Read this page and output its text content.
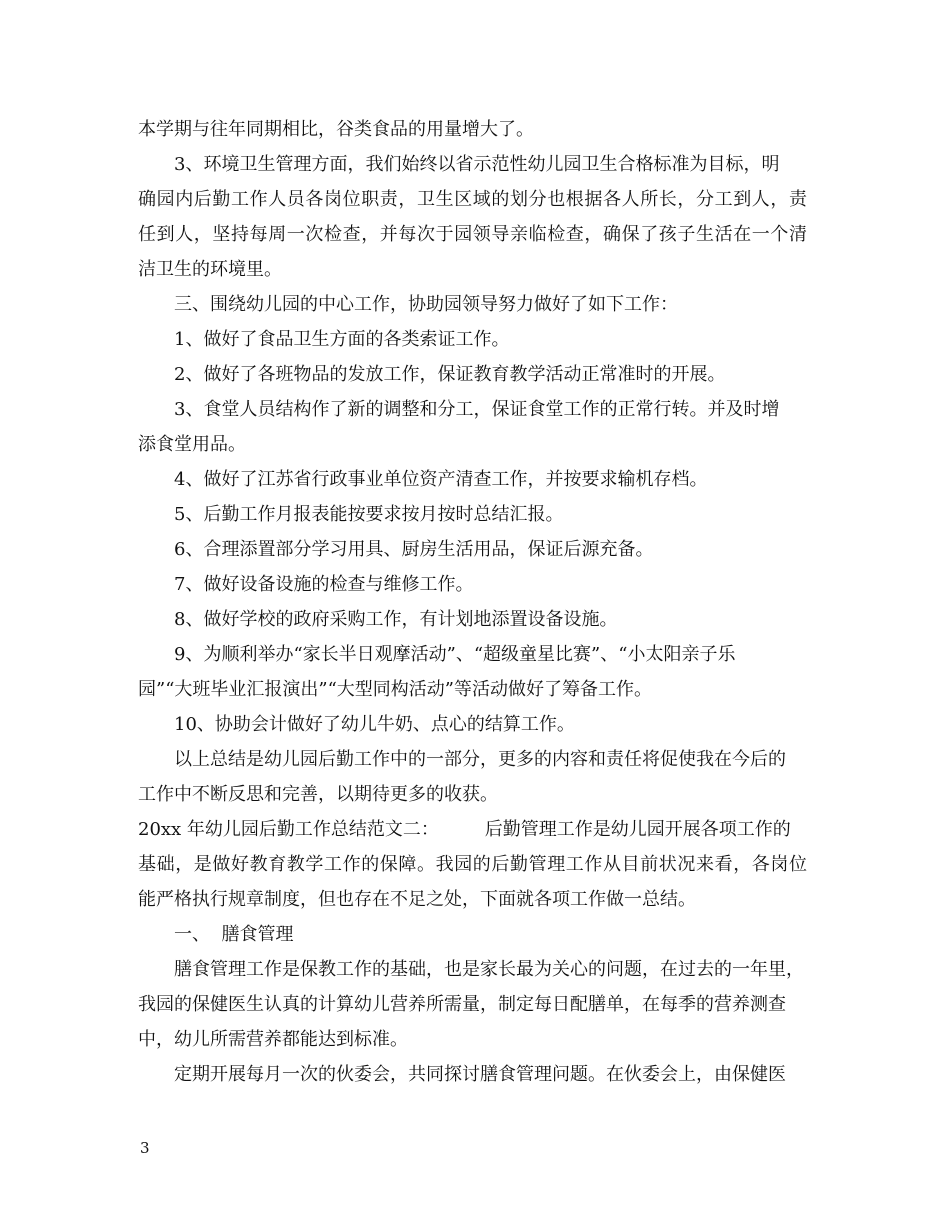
本学期与往年同期相比，谷类食品的用量增大了。
3、环境卫生管理方面，我们始终以省示范性幼儿园卫生合格标准为目标，明
确园内后勤工作人员各岗位职责，卫生区域的划分也根据各人所长，分工到人，责
任到人，坚持每周一次检查，并每次于园领导亲临检查，确保了孩子生活在一个清
洁卫生的环境里。
三、围绕幼儿园的中心工作，协助园领导努力做好了如下工作：
1、做好了食品卫生方面的各类索证工作。
2、做好了各班物品的发放工作，保证教育教学活动正常准时的开展。
3、食堂人员结构作了新的调整和分工，保证食堂工作的正常行转。并及时增
添食堂用品。
4、做好了江苏省行政事业单位资产清查工作，并按要求输机存档。
5、后勤工作月报表能按要求按月按时总结汇报。
6、合理添置部分学习用具、厨房生活用品，保证后源充备。
7、做好设备设施的检查与维修工作。
8、做好学校的政府采购工作，有计划地添置设备设施。
9、为顺利举办“家长半日观摩活动”、“超级童星比赛”、“小太阳亲子乐
园”“大班毕业汇报演出”“大型同构活动”等活动做好了筹备工作。
10、协助会计做好了幼儿牛奶、点心的结算工作。
以上总结是幼儿园后勤工作中的一部分，更多的内容和责任将促使我在今后的
工作中不断反思和完善，以期待更多的收获。
20xx 年幼儿园后勤工作总结范文二：        后勤管理工作是幼儿园开展各项工作的
基础，是做好教育教学工作的保障。我园的后勤管理工作从目前状况来看，各岗位
能严格执行规章制度，但也存在不足之处，下面就各项工作做一总结。
一、  膳食管理
膳食管理工作是保教工作的基础，也是家长最为关心的问题，在过去的一年里，
我园的保健医生认真的计算幼儿营养所需量，制定每日配膳单，在每季的营养测查
中，幼儿所需营养都能达到标准。
定期开展每月一次的伙委会，共同探讨膳食管理问题。在伙委会上，由保健医
3
